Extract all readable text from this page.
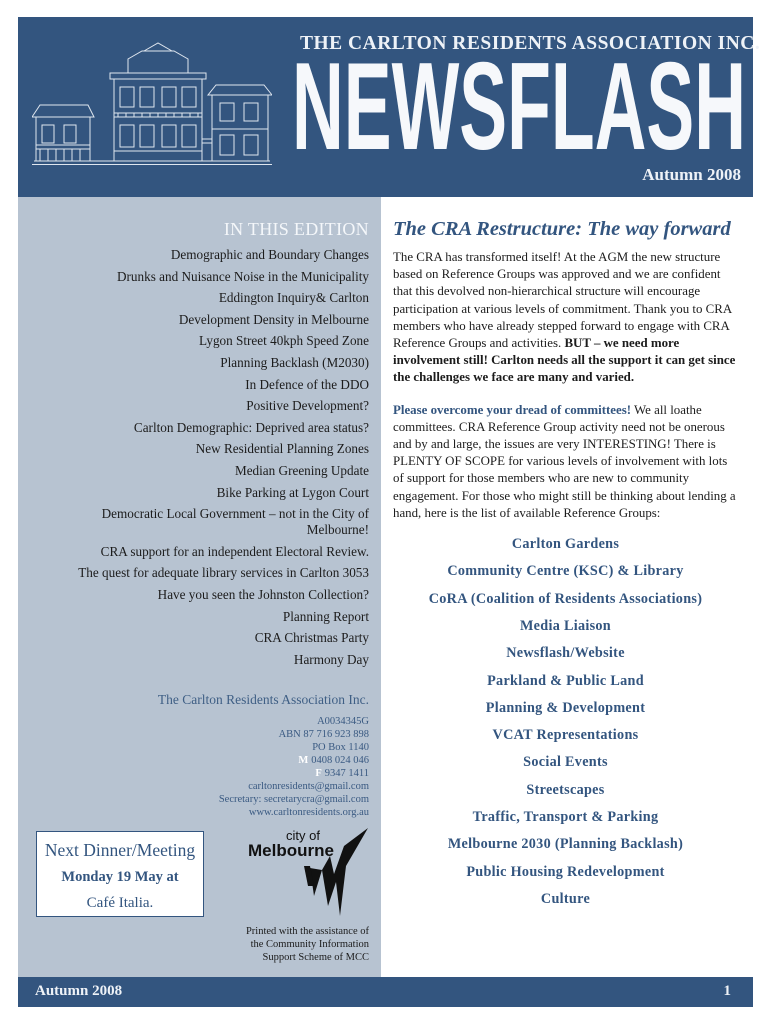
THE CARLTON RESIDENTS ASSOCIATION INC.
NEWSFLASH
Autumn 2008
IN THIS EDITION
Demographic and Boundary Changes
Drunks and Nuisance Noise in the Municipality
Eddington Inquiry& Carlton
Development Density in Melbourne
Lygon Street 40kph Speed Zone
Planning Backlash (M2030)
In Defence of the DDO
Positive Development?
Carlton Demographic: Deprived area status?
New Residential Planning Zones
Median Greening Update
Bike Parking at Lygon Court
Democratic Local Government – not in the City of Melbourne!
CRA support for an independent Electoral Review.
The quest for adequate library services in Carlton 3053
Have you seen the Johnston Collection?
Planning Report
CRA Christmas Party
Harmony Day
The Carlton Residents Association Inc.
A0034345G
ABN 87 716 923 898
PO Box 1140
M 0408 024 046
F 9347 1411
carltonresidents@gmail.com
Secretary: secretarycra@gmail.com
www.carltonresidents.org.au
Next Dinner/Meeting
Monday 19 May at
Café Italia.
city of
Melbourne
Printed with the assistance of
the Community Information
Support Scheme of MCC
The CRA Restructure: The way forward

The CRA has transformed itself! At the AGM the new structure based on Reference Groups was approved and we are confident that this devolved non-hierarchical structure will encourage participation at various levels of commitment. Thank you to CRA members who have already stepped forward to engage with CRA Reference Groups and activities. BUT – we need more involvement still! Carlton needs all the support it can get since the challenges we face are many and varied.

Please overcome your dread of committees! We all loathe committees. CRA Reference Group activity need not be onerous and by and large, the issues are very INTERESTING! There is PLENTY OF SCOPE for various levels of involvement with lots of support for those members who are new to community engagement. For those who might still be thinking about lending a hand, here is the list of available Reference Groups:

Carlton Gardens
Community Centre (KSC) & Library
CoRA (Coalition of Residents Associations)
Media Liaison
Newsflash/Website
Parkland & Public Land
Planning & Development
VCAT Representations
Social Events
Streetscapes
Traffic, Transport & Parking
Melbourne 2030 (Planning Backlash)
Public Housing Redevelopment
Culture
Autumn 2008	1
